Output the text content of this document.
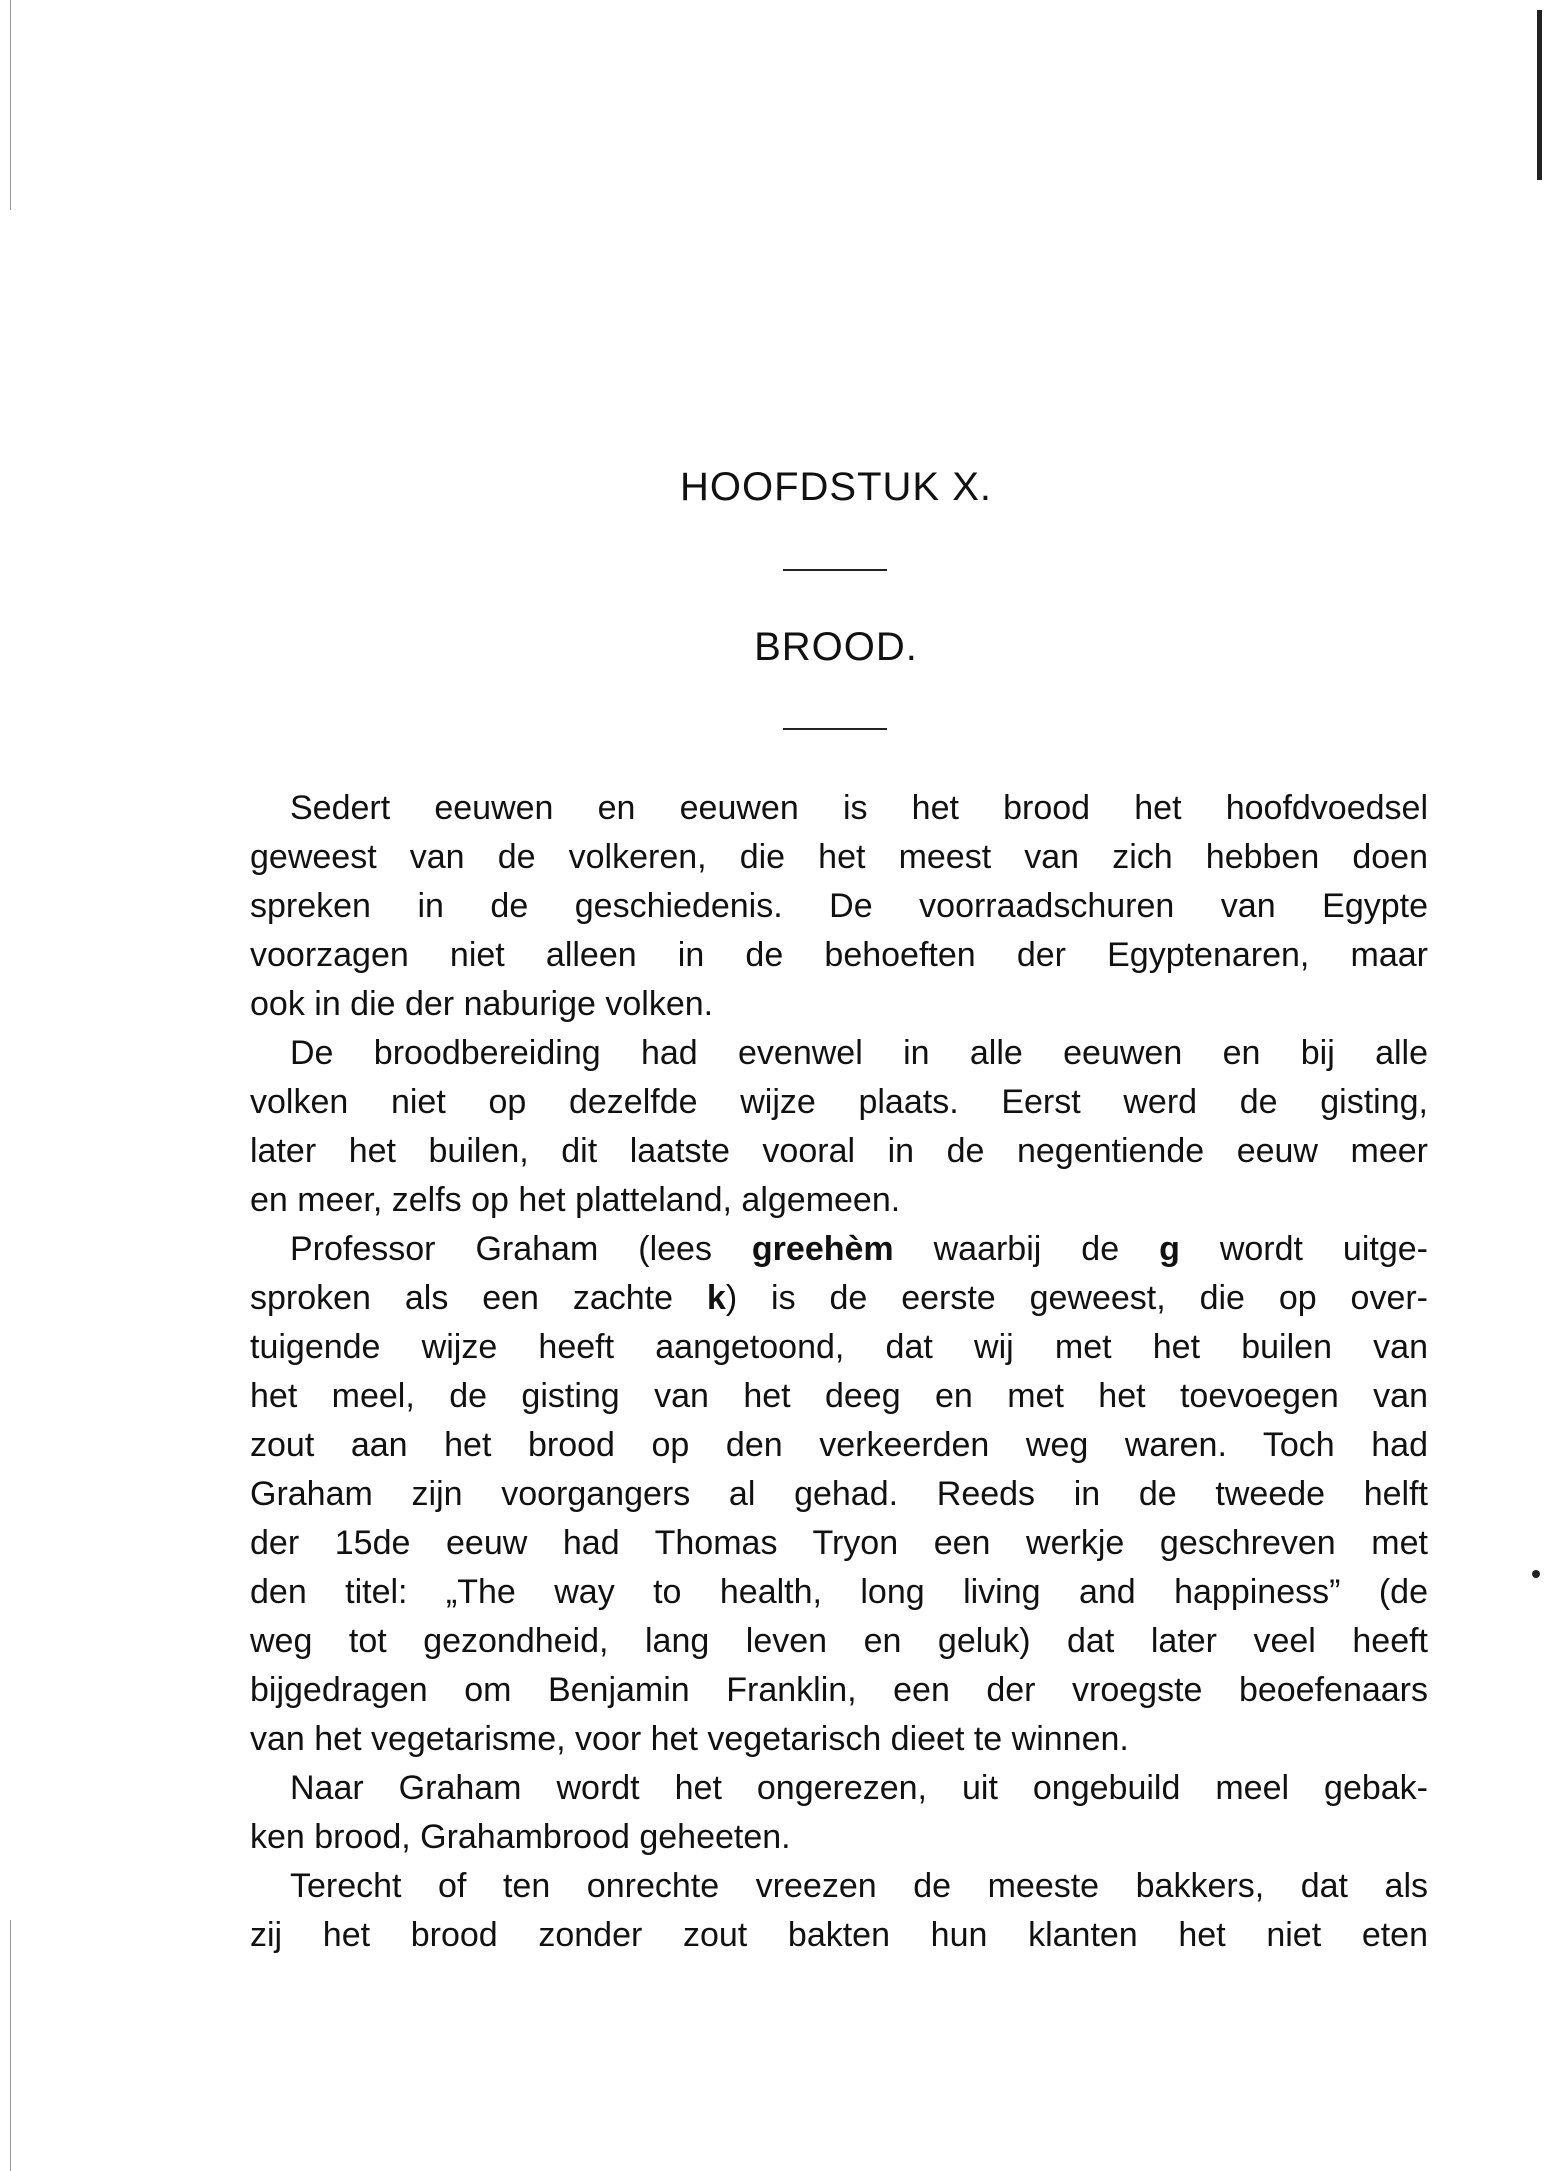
HOOFDSTUK X.
BROOD.
Sedert eeuwen en eeuwen is het brood het hoofdvoedsel
geweest van de volkeren, die het meest van zich hebben doen
spreken in de geschiedenis. De voorraadschuren van Egypte
voorzagen niet alleen in de behoeften der Egyptenaren, maar
ook in die der naburige volken.
De broodbereiding had evenwel in alle eeuwen en bij alle
volken niet op dezelfde wijze plaats. Eerst werd de gisting,
later het builen, dit laatste vooral in de negentiende eeuw meer
en meer, zelfs op het platteland, algemeen.
Professor Graham (lees greehèm waarbij de g wordt uitge-
sproken als een zachte k) is de eerste geweest, die op over-
tuigende wijze heeft aangetoond, dat wij met het builen van
het meel, de gisting van het deeg en met het toevoegen van
zout aan het brood op den verkeerden weg waren. Toch had
Graham zijn voorgangers al gehad. Reeds in de tweede helft
der 15de eeuw had Thomas Tryon een werkje geschreven met
den titel: „The way to health, long living and happiness” (de
weg tot gezondheid, lang leven en geluk) dat later veel heeft
bijgedragen om Benjamin Franklin, een der vroegste beoefenaars
van het vegetarisme, voor het vegetarisch dieet te winnen.
Naar Graham wordt het ongerezen, uit ongebuild meel gebak-
ken brood, Grahambrood geheeten.
Terecht of ten onrechte vreezen de meeste bakkers, dat als
zij het brood zonder zout bakten hun klanten het niet eten
